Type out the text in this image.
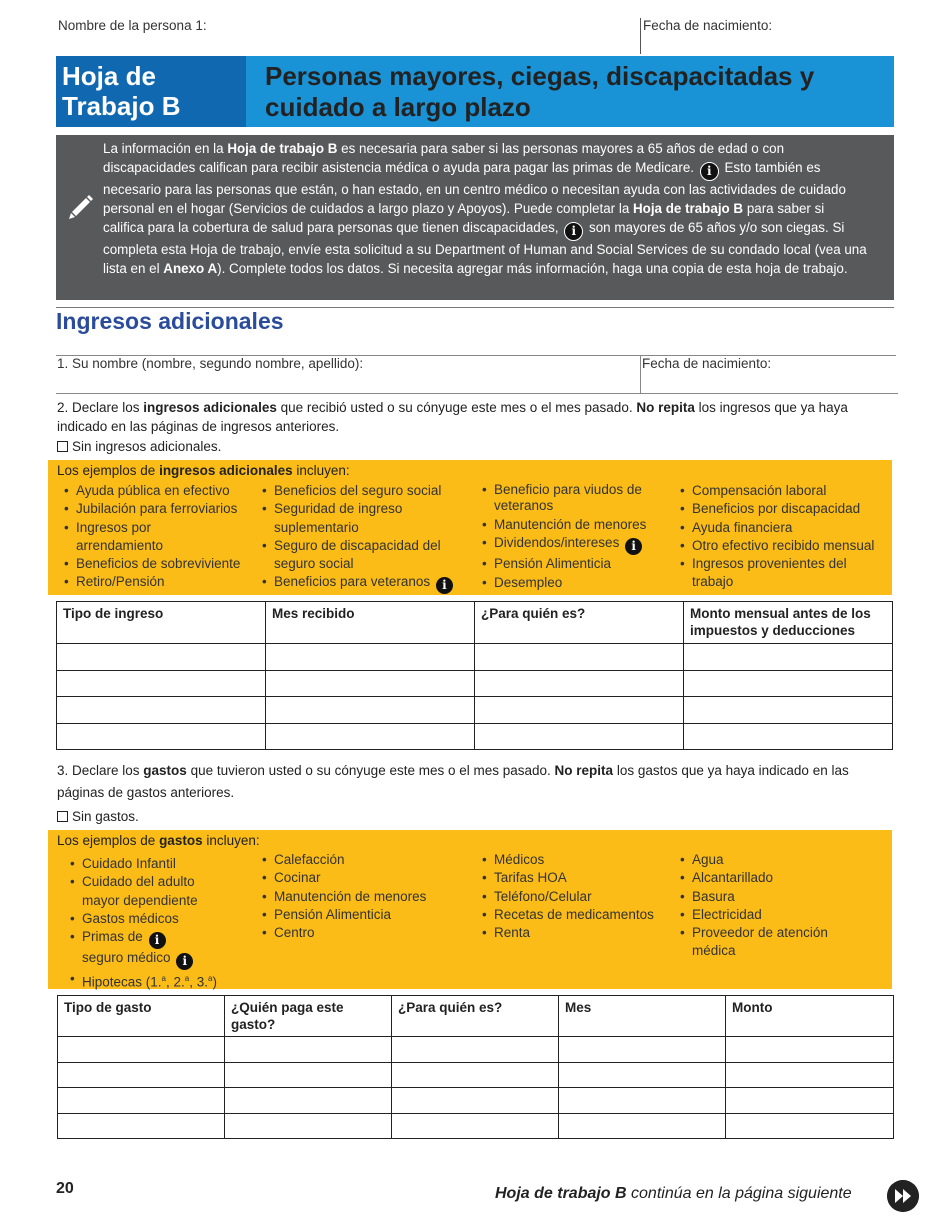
Nombre de la persona 1:	Fecha de nacimiento:
Hoja de
Trabajo B
Personas mayores, ciegas, discapacitadas y
cuidado a largo plazo
La información en la Hoja de trabajo B es necesaria para saber si las personas mayores a 65 años de edad o con discapacidades califican para recibir asistencia médica o ayuda para pagar las primas de Medicare. i Esto también es necesario para las personas que están, o han estado, en un centro médico o necesitan ayuda con las actividades de cuidado personal en el hogar (Servicios de cuidados a largo plazo y Apoyos). Puede completar la Hoja de trabajo B para saber si califica para la cobertura de salud para personas que tienen discapacidades, i son mayores de 65 años y/o son ciegas. Si completa esta Hoja de trabajo, envíe esta solicitud a su Department of Human and Social Services de su condado local (vea una lista en el Anexo A). Complete todos los datos. Si necesita agregar más información, haga una copia de esta hoja de trabajo.
Ingresos adicionales
1. Su nombre (nombre, segundo nombre, apellido):	Fecha de nacimiento:
2. Declare los ingresos adicionales que recibió usted o su cónyuge este mes o el mes pasado. No repita los ingresos que ya haya indicado en las páginas de ingresos anteriores.
Sin ingresos adicionales.
Los ejemplos de ingresos adicionales incluyen:
• Ayuda pública en efectivo
• Jubilación para ferroviarios
• Ingresos por arrendamiento
• Beneficios de sobreviviente
• Retiro/Pensión
• Beneficios del seguro social
• Seguridad de ingreso suplementario
• Seguro de discapacidad del seguro social
• Beneficios para veteranos i
• Beneficio para viudos de veteranos
• Manutención de menores
• Dividendos/intereses i
• Pensión Alimenticia
• Desempleo
• Compensación laboral
• Beneficios por discapacidad
• Ayuda financiera
• Otro efectivo recibido mensual
• Ingresos provenientes del trabajo
Tipo de ingreso	Mes recibido	¿Para quién es?	Monto mensual antes de los impuestos y deducciones

3. Declare los gastos que tuvieron usted o su cónyuge este mes o el mes pasado. No repita los gastos que ya haya indicado en las páginas de gastos anteriores.
Sin gastos.
Los ejemplos de gastos incluyen:
• Cuidado Infantil
• Cuidado del adulto mayor dependiente
• Gastos médicos
• Primas de i
seguro médico i
• Hipotecas (1.$^a$, 2.$^a$, 3.$^a$)
• Calefacción
• Cocinar
• Manutención de menores
• Pensión Alimenticia
• Centro
• Médicos
• Tarifas HOA
• Teléfono/Celular
• Recetas de medicamentos
• Renta
• Agua
• Alcantarillado
• Basura
• Electricidad
• Proveedor de atención médica
Tipo de gasto	¿Quién paga este gasto?	¿Para quién es?	Mes	Monto

20	Hoja de trabajo B continúa en la página siguiente
